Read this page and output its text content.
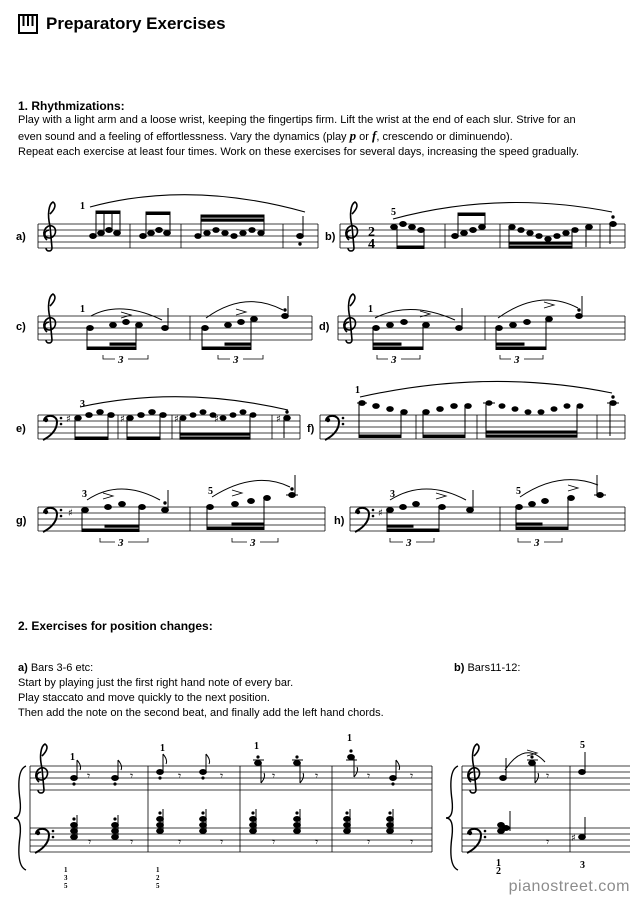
Preparatory Exercises
1. Rhythmizations:
Play with a light arm and a loose wrist, keeping the fingertips firm. Lift the wrist at the end of each slur. Strive for an
even sound and a feeling of effortlessness. Vary the dynamics (play p or f, crescendo or diminuendo).
Repeat each exercise at least four times. Work on these exercises for several days, increasing the speed gradually.
a)	b)
c)	d)
e)	f)
g)	h)
2. Exercises for position changes:
a) Bars 3-6 etc:
Start by playing just the first right hand note of every bar.
Play staccato and move quickly to the next position.
Then add the note on the second beat, and finally add the left hand chords.
b) Bars11-12:
1
2
4
5
3	3
1
3	3
1
♯	♯	♯	♯	♯
3
1
♯
3	3
3	5
♯
3	3
3	5
𝄾	𝄾	𝄾	𝄾	𝄾	𝄾	𝄾	𝄾
𝄾	𝄾	𝄾	𝄾	𝄾	𝄾	𝄾	𝄾
1
1	1
1
1
3
5
1
2
5
♯
𝄾
𝄾
5
1
2
3
pianostreet.com
